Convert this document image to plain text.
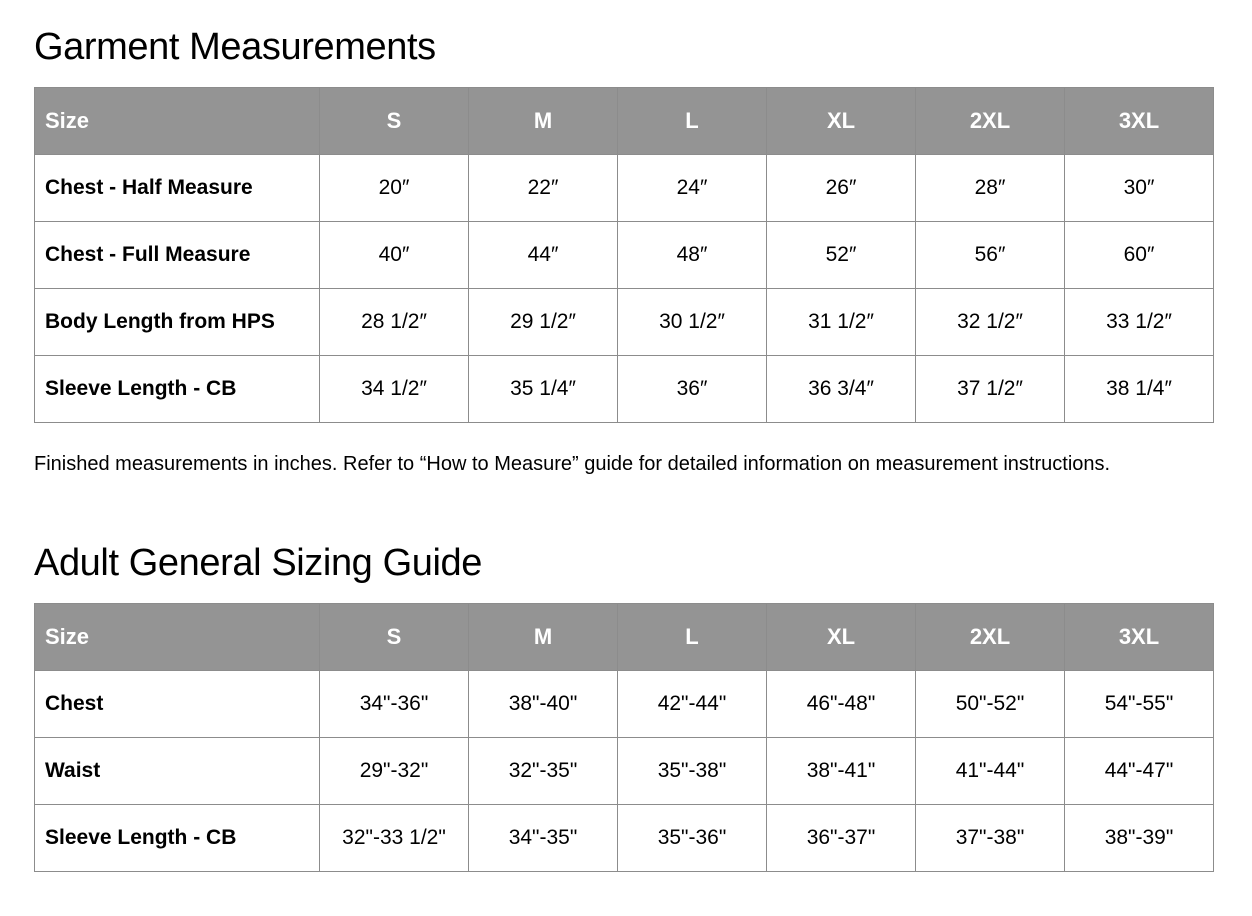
Garment Measurements
Size	S	M	L	XL	2XL	3XL
Chest - Half Measure	20″	22″	24″	26″	28″	30″
Chest - Full Measure	40″	44″	48″	52″	56″	60″
Body Length from HPS	28 1/2″	29 1/2″	30 1/2″	31 1/2″	32 1/2″	33 1/2″
Sleeve Length - CB	34 1/2″	35 1/4″	36″	36 3/4″	37 1/2″	38 1/4″

Finished measurements in inches. Refer to “How to Measure” guide for detailed information on measurement instructions.

Adult General Sizing Guide
Size	S	M	L	XL	2XL	3XL
Chest	34"-36"	38"-40"	42"-44"	46"-48"	50"-52"	54"-55"
Waist	29"-32"	32"-35"	35"-38"	38"-41"	41"-44"	44"-47"
Sleeve Length - CB	32"-33 1/2"	34"-35"	35"-36"	36"-37"	37"-38"	38"-39"
